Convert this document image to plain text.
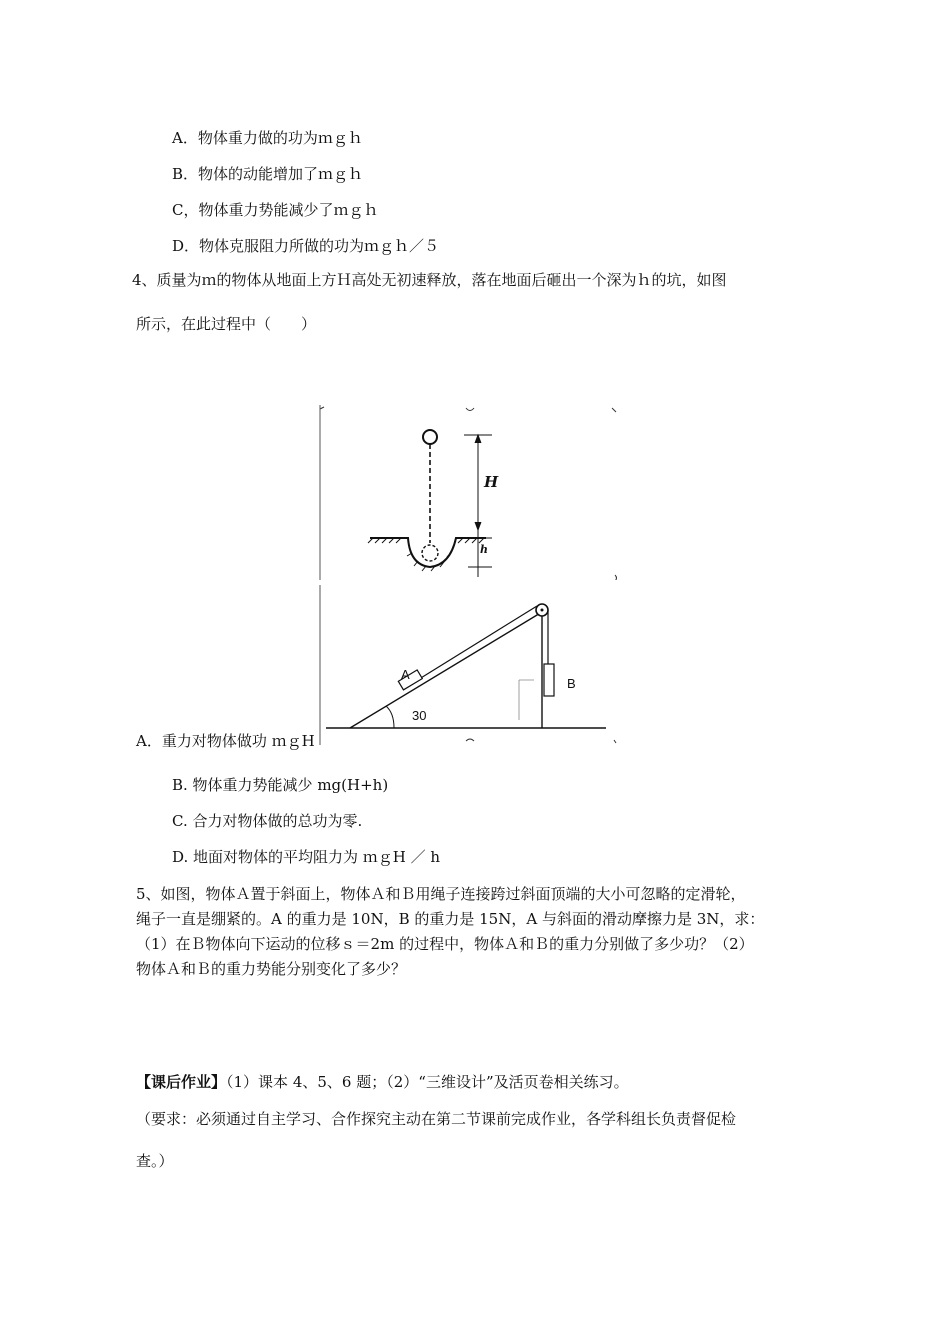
A．物体重力做的功为ｍｇｈ
B．物体的动能增加了ｍｇｈ
C，物体重力势能减少了ｍｇｈ
D．物体克服阻力所做的功为ｍｇｈ／５
4、质量为ｍ的物体从地面上方Ｈ高处无初速释放，落在地面后砸出一个深为ｈ的坑，如图
所示，在此过程中（　　）
H
h
A
B
30
A．重力对物体做功 ｍｇH
B. 物体重力势能减少 mg(H+h)
C. 合力对物体做的总功为零.
D. 地面对物体的平均阻力为 ｍｇH ／ h
5、如图，物体Ａ置于斜面上，物体Ａ和Ｂ用绳子连接跨过斜面顶端的大小可忽略的定滑轮，
绳子一直是绷紧的。A 的重力是 10N，B 的重力是 15N，A 与斜面的滑动摩擦力是 3N，求：
（1）在Ｂ物体向下运动的位移ｓ＝2m 的过程中，物体Ａ和Ｂ的重力分别做了多少功？（2）
物体Ａ和Ｂ的重力势能分别变化了多少？
【课后作业】（1）课本 4、5、6 题；（2）“三维设计”及活页卷相关练习。
（要求：必须通过自主学习、合作探究主动在第二节课前完成作业，各学科组长负责督促检
查。）
